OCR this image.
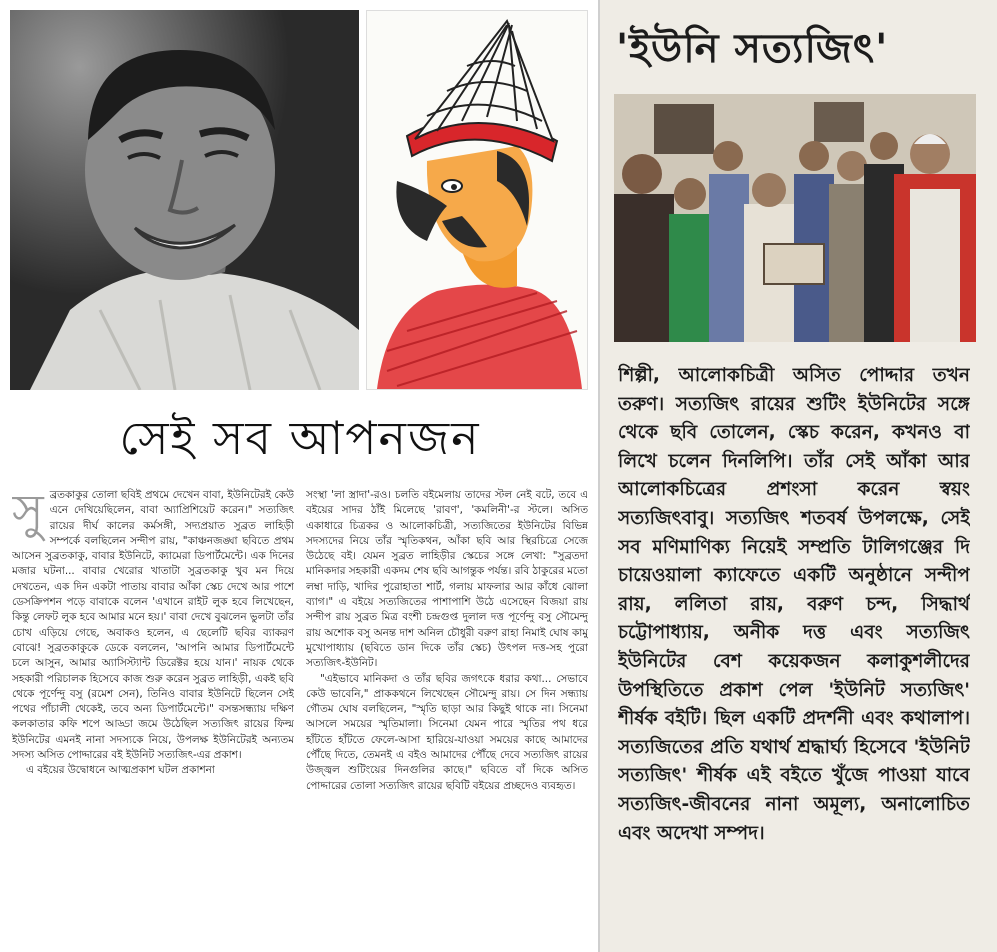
সেই সব আপনজন
সু ব্রতকাকুর তোলা ছবিই প্রথমে দেখেন বাবা, ইউনিটেরই কেউ এনে দেখিয়েছিলেন, বাবা অ্যাপ্রিশিয়েট করেন।" সত্যজিৎ রায়ের দীর্ঘ কালের কর্মসঙ্গী, সদ্যপ্রয়াত সুব্রত লাহিড়ী সম্পর্কে বলছিলেন সন্দীপ রায়, "কাঞ্চনজঙ্ঘা ছবিতে প্রথম আসেন সুব্রতকাকু, বাবার ইউনিটে, ক্যামেরা ডিপার্টমেন্টে। এক দিনের মজার ঘটনা... বাবার খেরোর খাতাটা সুব্রতকাকু খুব মন দিয়ে দেখতেন, এক দিন একটা পাতায় বাবার আঁকা স্কেচ দেখে আর পাশে ডেসক্রিপশন পড়ে বাবাকে বলেন 'এখানে রাইট লুক হবে লিখেছেন, কিন্তু লেফট লুক হবে আমার মনে হয়।' বাবা দেখে বুঝলেন ভুলটা তাঁর চোখ এড়িয়ে গেছে, অবাকও হলেন, এ ছেলেটি ছবির ব্যাকরণ বোঝে! সুব্রতকাকুকে ডেকে বললেন, 'আপনি আমার ডিপার্টমেন্টে চলে আসুন, আমার অ্যাসিস্ট্যান্ট ডিরেক্টর হয়ে যান।' নায়ক থেকে সহকারী পরিচালক হিসেবে কাজ শুরু করেন সুব্রত লাহিড়ী, একই ছবি থেকে পূর্ণেন্দু বসু (রমেশ সেন), তিনিও বাবার ইউনিটে ছিলেন সেই পথের পাঁচালী থেকেই, তবে অন্য ডিপার্টমেন্টে।" বসন্তসন্ধ্যায় দক্ষিণ কলকাতার কফি শপে আড্ডা জমে উঠেছিল সত্যজিৎ রায়ের ফিল্ম ইউনিটের এমনই নানা সদস্যকে নিয়ে, উপলক্ষ ইউনিটেরই অন্যতম সদস্য অসিত পোদ্দারের বই ইউনিট সত্যজিৎ-এর প্রকাশ।

এ বইয়ের উদ্বোধনে আত্মপ্রকাশ ঘটল প্রকাশনা

সংস্থা 'লা স্ত্রাদা'-রও। চলতি বইমেলায় তাদের স্টল নেই বটে, তবে এ বইয়ের সাদর ঠাঁই মিলেছে 'রাবণ', 'কমলিনী'-র স্টলে। অসিত একাধারে চিত্রকর ও আলোকচিত্রী, সত্যজিতের ইউনিটের বিভিন্ন সদস্যদের নিয়ে তাঁর স্মৃতিকথন, আঁকা ছবি আর স্থিরচিত্রে সেজে উঠেছে বই। যেমন সুব্রত লাহিড়ীর স্কেচের সঙ্গে লেখা: "সুব্রতদা মানিকদার সহকারী একদম শেষ ছবি আগন্তুক পর্যন্ত। রবি ঠাকুরের মতো লম্বা দাড়ি, খাদির পুরোহাতা শার্ট, গলায় মাফলার আর কাঁধে ঝোলা ব্যাগ।" এ বইয়ে সত্যজিতের পাশাপাশি উঠে এসেছেন বিজয়া রায় সন্দীপ রায় সুব্রত মিত্র বংশী চন্দ্রগুপ্ত দুলাল দত্ত পূর্ণেন্দু বসু সৌমেন্দু রায় অশোক বসু অনন্ত দাশ অনিল চৌধুরী বরুণ রাহা নিমাই ঘোষ কামু মুখোপাধ্যায় (ছবিতে ডান দিকে তাঁর স্কেচ) উৎপল দত্ত-সহ পুরো সত্যজিৎ-ইউনিট।

"এইভাবে মানিকদা ও তাঁর ছবির জগৎকে ধরার কথা... সেভাবে কেউ ভাবেনি," প্রাককথনে লিখেছেন সৌমেন্দু রায়। সে দিন সন্ধ্যায় গৌতম ঘোষ বলছিলেন, "স্মৃতি ছাড়া আর কিছুই থাকে না। সিনেমা আসলে সময়ের স্মৃতিমালা। সিনেমা যেমন পারে স্মৃতির পথ ধরে হাঁটতে হাঁটতে ফেলে-আসা হারিয়ে-যাওয়া সময়ের কাছে আমাদের পৌঁছে দিতে, তেমনই এ বইও আমাদের পৌঁছে দেবে সত্যজিৎ রায়ের উজ্জ্বল শুটিংয়ের দিনগুলির কাছে।" ছবিতে বাঁ দিকে অসিত পোদ্দারের তোলা সত্যজিৎ রায়ের ছবিটি বইয়ের প্রচ্ছদেও ব্যবহৃত।

'ইউনি সত্যজিৎ'
শিল্পী, আলোকচিত্রী অসিত পোদ্দার তখন তরুণ। সত্যজিৎ রায়ের শুটিং ইউনিটের সঙ্গে থেকে ছবি তোলেন, স্কেচ করেন, কখনও বা লিখে চলেন দিনলিপি। তাঁর সেই আঁকা আর আলোকচিত্রের প্রশংসা করেন স্বয়ং সত্যজিৎবাবু। সত্যজিৎ শতবর্ষ উপলক্ষে, সেই সব মণিমাণিক্য নিয়েই সম্প্রতি টালিগঞ্জের দি চায়েওয়ালা ক্যাফেতে একটি অনুষ্ঠানে সন্দীপ রায়, ললিতা রায়, বরুণ চন্দ, সিদ্ধার্থ চট্টোপাধ্যায়, অনীক দত্ত এবং সত্যজিৎ ইউনিটের বেশ কয়েকজন কলাকুশলীদের উপস্থিতিতে প্রকাশ পেল 'ইউনিট সত্যজিৎ' শীর্ষক বইটি। ছিল একটি প্রদর্শনী এবং কথালাপ। সত্যজিতের প্রতি যথার্থ শ্রদ্ধার্ঘ্য হিসেবে 'ইউনিট সত্যজিৎ' শীর্ষক এই বইতে খুঁজে পাওয়া যাবে সত্যজিৎ-জীবনের নানা অমূল্য, অনালোচিত এবং অদেখা সম্পদ।
